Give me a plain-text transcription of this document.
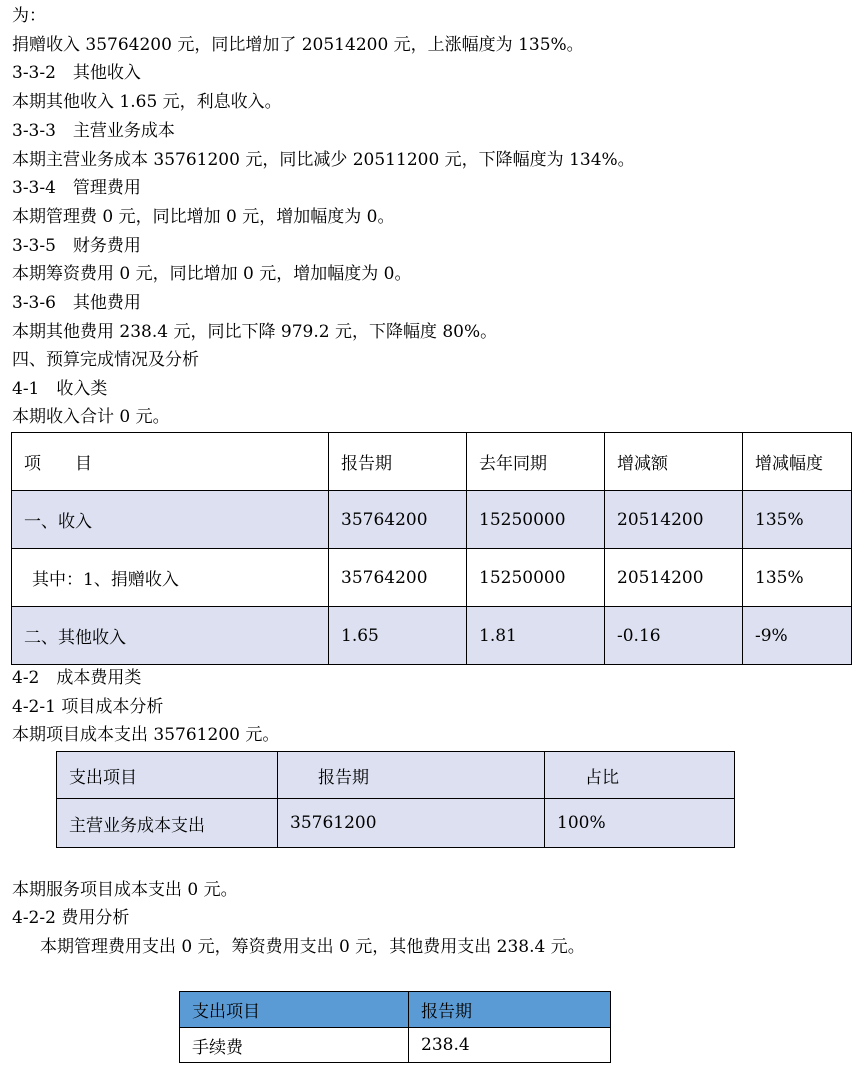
为：
捐赠收入 35764200 元，同比增加了 20514200 元，上涨幅度为 135%。
3-3-2　其他收入
本期其他收入 1.65 元，利息收入。
3-3-3　主营业务成本
本期主营业务成本 35761200 元，同比减少 20511200 元，下降幅度为 134%。
3-3-4　管理费用
本期管理费 0 元，同比增加 0 元，增加幅度为 0。
3-3-5　财务费用
本期筹资费用 0 元，同比增加 0 元，增加幅度为 0。
3-3-6　其他费用
本期其他费用 238.4 元，同比下降 979.2 元，下降幅度 80%。
四、预算完成情况及分析
4-1　收入类
本期收入合计 0 元。
项　　目	报告期	去年同期	增减额	增减幅度
一、收入	35764200	15250000	20514200	135%
其中：1、捐赠收入	35764200	15250000	20514200	135%
二、其他收入	1.65	1.81	-0.16	-9%
4-2　成本费用类
4-2-1 项目成本分析
本期项目成本支出 35761200 元。
支出项目	报告期	占比
主营业务成本支出	35761200	100%
本期服务项目成本支出 0 元。
4-2-2 费用分析
本期管理费用支出 0 元，筹资费用支出 0 元，其他费用支出 238.4 元。
支出项目	报告期
手续费	238.4
